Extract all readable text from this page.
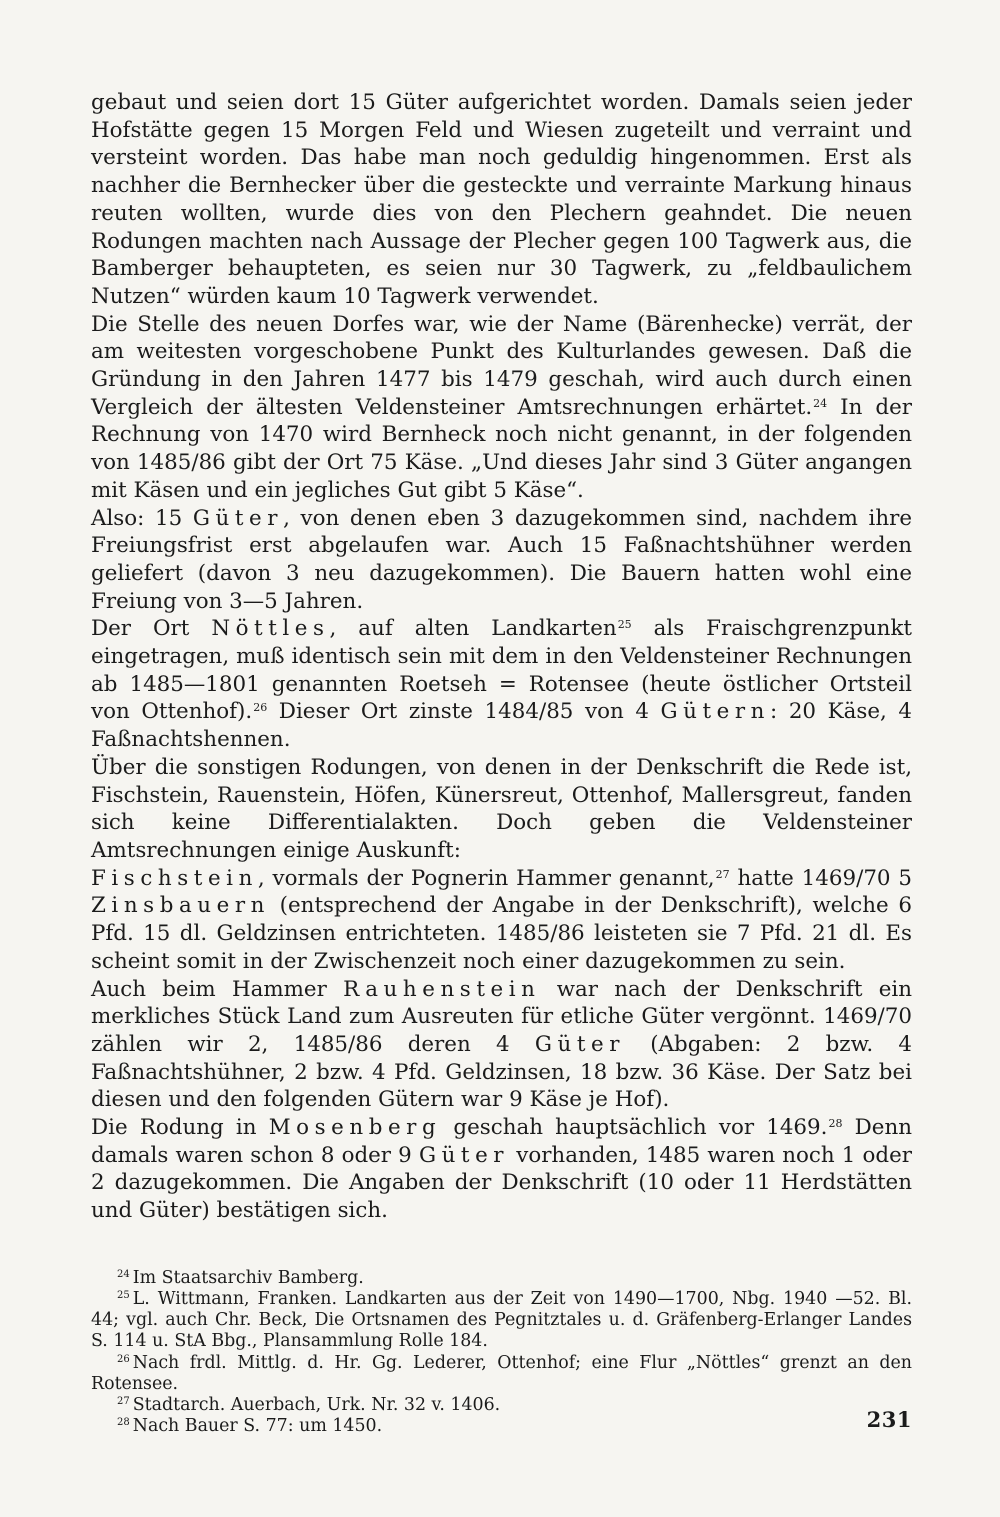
gebaut und seien dort 15 Güter aufgerichtet worden. Damals seien jeder Hofstätte gegen 15 Morgen Feld und Wiesen zugeteilt und verraint und versteint worden. Das habe man noch geduldig hingenommen. Erst als nachher die Bernhecker über die gesteckte und verrainte Markung hinaus reuten wollten, wurde dies von den Plechern geahndet. Die neuen Rodungen machten nach Aussage der Plecher gegen 100 Tagwerk aus, die Bamberger behaupteten, es seien nur 30 Tagwerk, zu „feldbaulichem Nutzen“ würden kaum 10 Tagwerk verwendet.

Die Stelle des neuen Dorfes war, wie der Name (Bärenhecke) verrät, der am weitesten vorgeschobene Punkt des Kulturlandes gewesen. Daß die Gründung in den Jahren 1477 bis 1479 geschah, wird auch durch einen Vergleich der ältesten Veldensteiner Amtsrechnungen erhärtet.$^{24}$ In der Rechnung von 1470 wird Bernheck noch nicht genannt, in der folgenden von 1485/86 gibt der Ort 75 Käse. „Und dieses Jahr sind 3 Güter angangen mit Käsen und ein jegliches Gut gibt 5 Käse“.

Also: 15 Güter, von denen eben 3 dazugekommen sind, nachdem ihre Freiungsfrist erst abgelaufen war. Auch 15 Faßnachtshühner werden geliefert (davon 3 neu dazugekommen). Die Bauern hatten wohl eine Freiung von 3—5 Jahren.

Der Ort Nöttles, auf alten Landkarten$^{25}$ als Fraischgrenzpunkt eingetragen, muß identisch sein mit dem in den Veldensteiner Rechnungen ab 1485—1801 genannten Roetseh = Rotensee (heute östlicher Ortsteil von Ottenhof).$^{26}$ Dieser Ort zinste 1484/85 von 4 Gütern: 20 Käse, 4 Faßnachtshennen.

Über die sonstigen Rodungen, von denen in der Denkschrift die Rede ist, Fischstein, Rauenstein, Höfen, Künersreut, Ottenhof, Mallersgreut, fanden sich keine Differentialakten. Doch geben die Veldensteiner Amtsrechnungen einige Auskunft:

Fischstein, vormals der Pognerin Hammer genannt,$^{27}$ hatte 1469/70 5 Zinsbauern (entsprechend der Angabe in der Denkschrift), welche 6 Pfd. 15 dl. Geldzinsen entrichteten. 1485/86 leisteten sie 7 Pfd. 21 dl. Es scheint somit in der Zwischenzeit noch einer dazugekommen zu sein.

Auch beim Hammer Rauhenstein war nach der Denkschrift ein merkliches Stück Land zum Ausreuten für etliche Güter vergönnt. 1469/70 zählen wir 2, 1485/86 deren 4 Güter (Abgaben: 2 bzw. 4 Faßnachtshühner, 2 bzw. 4 Pfd. Geldzinsen, 18 bzw. 36 Käse. Der Satz bei diesen und den folgenden Gütern war 9 Käse je Hof).

Die Rodung in Mosenberg geschah hauptsächlich vor 1469.28 Denn damals waren schon 8 oder 9 Güter vorhanden, 1485 waren noch 1 oder 2 dazugekommen. Die Angaben der Denkschrift (10 oder 11 Herdstätten und Güter) bestätigen sich.

$^{24}$ Im Staatsarchiv Bamberg.

$^{25}$ L. Wittmann, Franken. Landkarten aus der Zeit von 1490—1700, Nbg. 1940 —52. Bl. 44; vgl. auch Chr. Beck, Die Ortsnamen des Pegnitztales u. d. Gräfenberg-Erlanger Landes S. 114 u. StA Bbg., Plansammlung Rolle 184.

$^{26}$ Nach frdl. Mittlg. d. Hr. Gg. Lederer, Ottenhof; eine Flur „Nöttles“ grenzt an den Rotensee.

$^{27}$ Stadtarch. Auerbach, Urk. Nr. 32 v. 1406.

$^{28}$ Nach Bauer S. 77: um 1450.	231
